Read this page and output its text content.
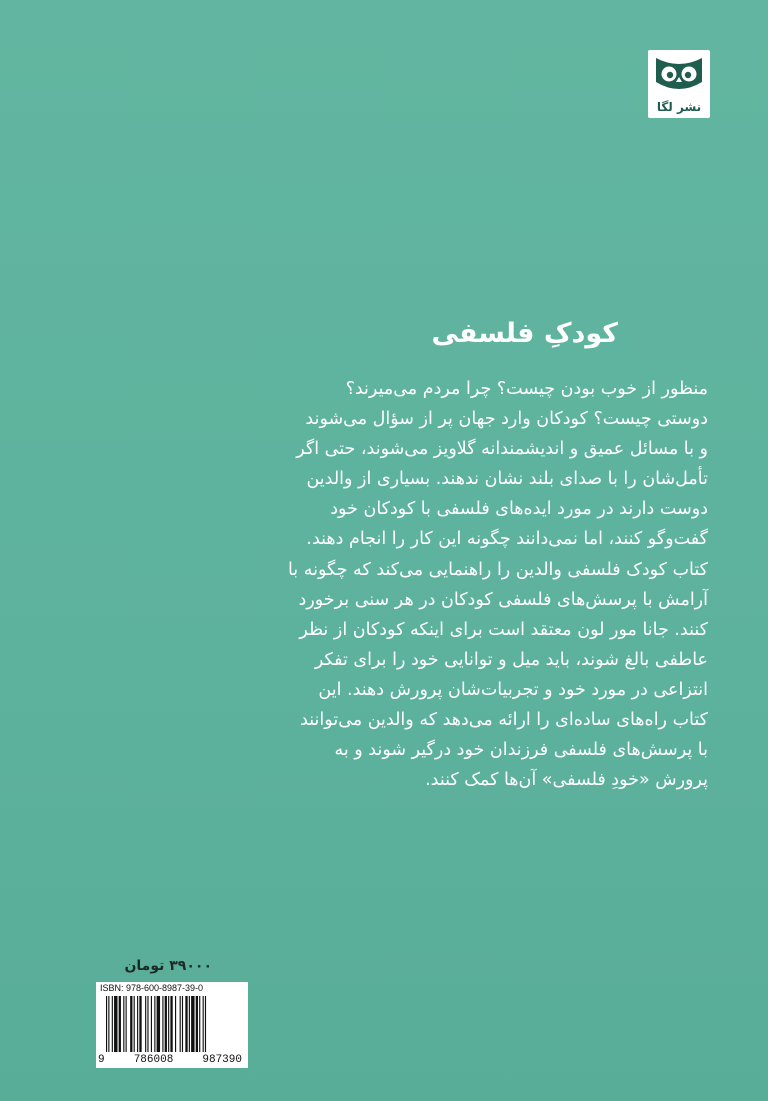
نشر لگا
کودکِ فلسفی
منظور از خوب بودن چیست؟ چرا مردم می‌میرند؟
دوستی چیست؟ کودکان وارد جهان پر از سؤال می‌شوند
و با مسائل عمیق و اندیشمندانه گلاویز می‌شوند، حتی اگر
تأمل‌شان را با صدای بلند نشان ندهند. بسیاری از والدین
دوست دارند در مورد ایده‌های فلسفی با کودکان خود
گفت‌وگو کنند، اما نمی‌دانند چگونه این کار را انجام دهند.
کتاب کودک فلسفی والدین را راهنمایی می‌کند که چگونه با
آرامش با پرسش‌های فلسفی کودکان در هر سنی برخورد
کنند. جانا مور لون معتقد است برای اینکه کودکان از نظر
عاطفی بالغ شوند، باید میل و توانایی خود را برای تفکر
انتزاعی در مورد خود و تجربیات‌شان پرورش دهند. این
کتاب راه‌های ساده‌ای را ارائه می‌دهد که والدین می‌توانند
با پرسش‌های فلسفی فرزندان خود درگیر شوند و به
پرورش «خودِ فلسفی» آن‌ها کمک کنند.
۳۹۰۰۰ تومان
ISBN: 978-600-8987-39-0
9	786008	987390
